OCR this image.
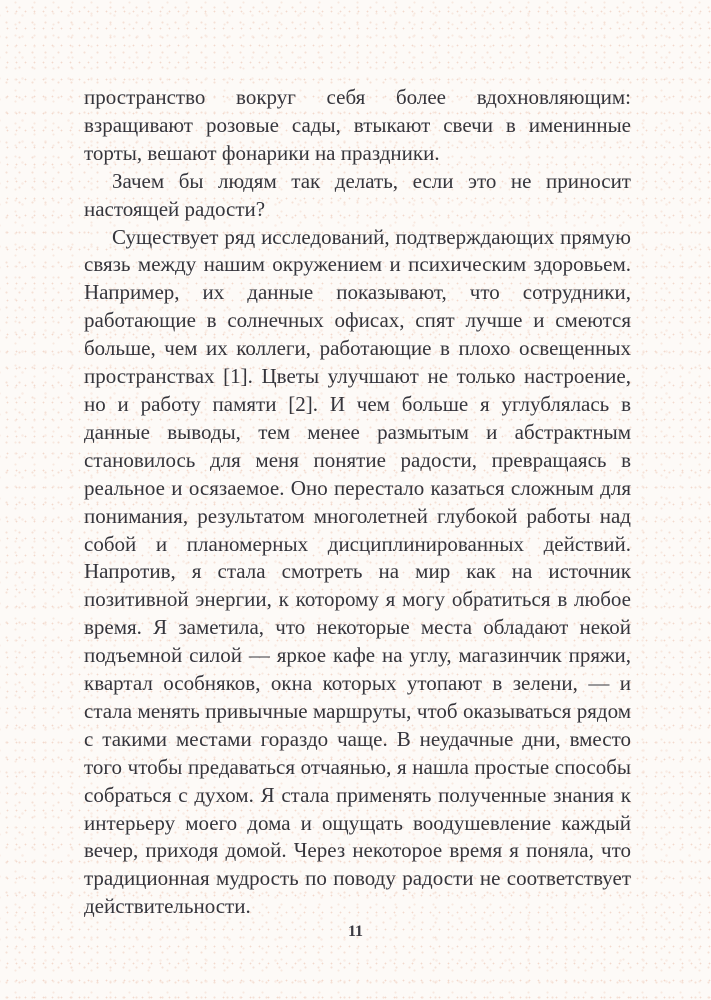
пространство вокруг себя более вдохновляющим: взращивают розовые сады, втыкают свечи в именинные торты, вешают фонарики на праздники.

Зачем бы людям так делать, если это не приносит настоящей радости?

Существует ряд исследований, подтверждающих прямую связь между нашим окружением и психическим здоровьем. Например, их данные показывают, что сотрудники, работающие в солнечных офисах, спят лучше и смеются больше, чем их коллеги, работающие в плохо освещенных пространствах [1]. Цветы улучшают не только настроение, но и работу памяти [2]. И чем больше я углублялась в данные выводы, тем менее размытым и абстрактным становилось для меня понятие радости, превращаясь в реальное и осязаемое. Оно перестало казаться сложным для понимания, результатом многолетней глубокой работы над собой и планомерных дисциплинированных действий. Напротив, я стала смотреть на мир как на источник позитивной энергии, к которому я могу обратиться в любое время. Я заметила, что некоторые места обладают некой подъемной силой — яркое кафе на углу, магазинчик пряжи, квартал особняков, окна которых утопают в зелени, — и стала менять привычные маршруты, чтоб оказываться рядом с такими местами гораздо чаще. В неудачные дни, вместо того чтобы предаваться отчаянью, я нашла простые способы собраться с духом. Я стала применять полученные знания к интерьеру моего дома и ощущать воодушевление каждый вечер, приходя домой. Через некоторое время я поняла, что традиционная мудрость по поводу радости не соответствует действительности.

11
